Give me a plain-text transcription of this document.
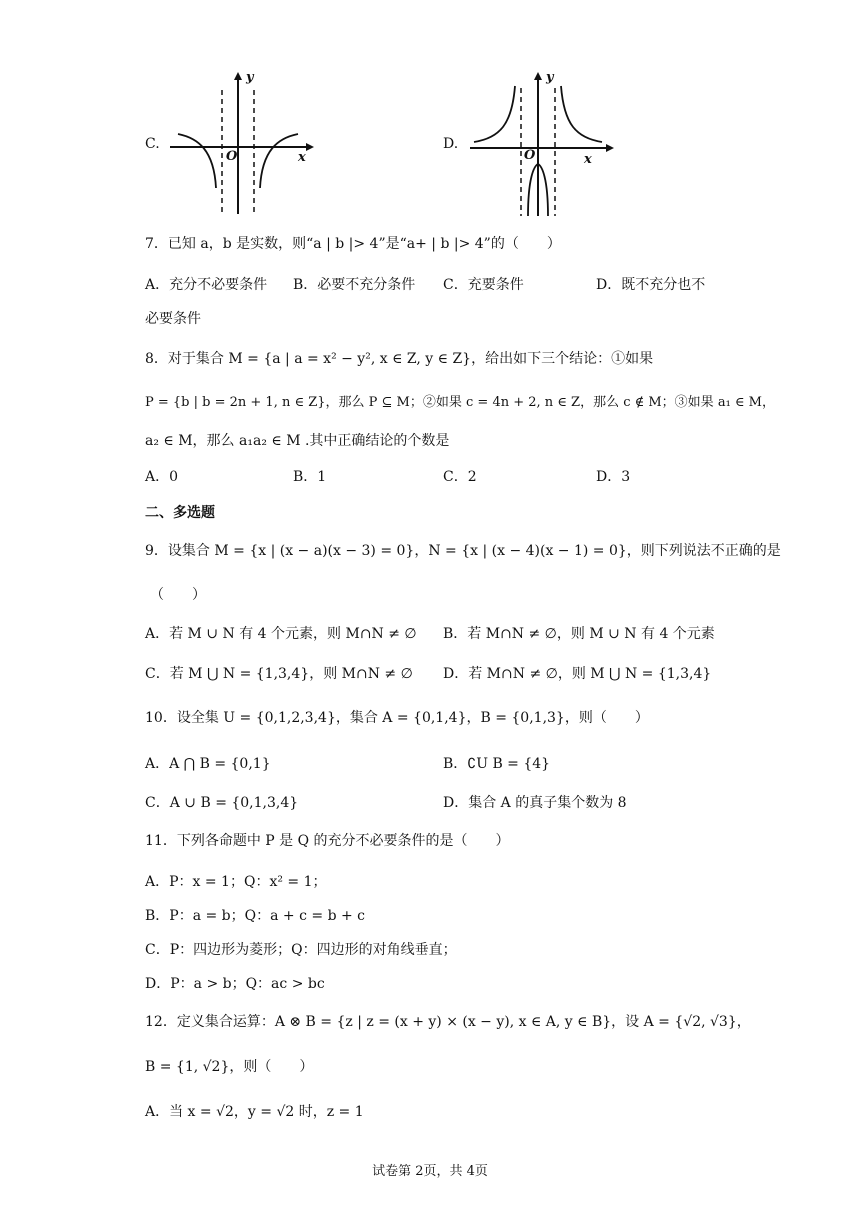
C.
y
x
O
D.
y
x
O
7．已知 a，b 是实数，则“a | b |> 4”是“a+ | b |> 4”的（　　）
A．充分不必要条件 B．必要不充分条件 C．充要条件	D．既不充分也不
必要条件
8．对于集合 M = {a | a = x² − y², x ∈ Z, y ∈ Z}，给出如下三个结论：①如果
P = {b | b = 2n + 1, n ∈ Z}，那么 P ⊆ M；②如果 c = 4n + 2, n ∈ Z，那么 c ∉ M；③如果 a₁ ∈ M，
a₂ ∈ M，那么 a₁a₂ ∈ M .其中正确结论的个数是
A．0	B．1	C．2	D．3
二、多选题
9．设集合 M = {x | (x − a)(x − 3) = 0}，N = {x | (x − 4)(x − 1) = 0}，则下列说法不正确的是
（　　）
A．若 M ∪ N 有 4 个元素，则 M∩N ≠ ∅ B．若 M∩N ≠ ∅，则 M ∪ N 有 4 个元素
C．若 M ⋃ N = {1,3,4}，则 M∩N ≠ ∅ D．若 M∩N ≠ ∅，则 M ⋃ N = {1,3,4}
10．设全集 U = {0,1,2,3,4}，集合 A = {0,1,4}，B = {0,1,3}，则（　　）
A．A ⋂ B = {0,1}	B．∁U B = {4}
C．A ∪ B = {0,1,3,4}	D．集合 A 的真子集个数为 8
11．下列各命题中 P 是 Q 的充分不必要条件的是（　　）
A．P：x = 1；Q：x² = 1；
B．P：a = b；Q：a + c = b + c
C．P：四边形为菱形；Q：四边形的对角线垂直；
D．P：a > b；Q：ac > bc
12．定义集合运算：A ⊗ B = {z | z = (x + y) × (x − y), x ∈ A, y ∈ B}，设 A = {√2, √3}，
B = {1, √2}，则（　　）
A．当 x = √2，y = √2 时，z = 1
试卷第 2页，共 4页
